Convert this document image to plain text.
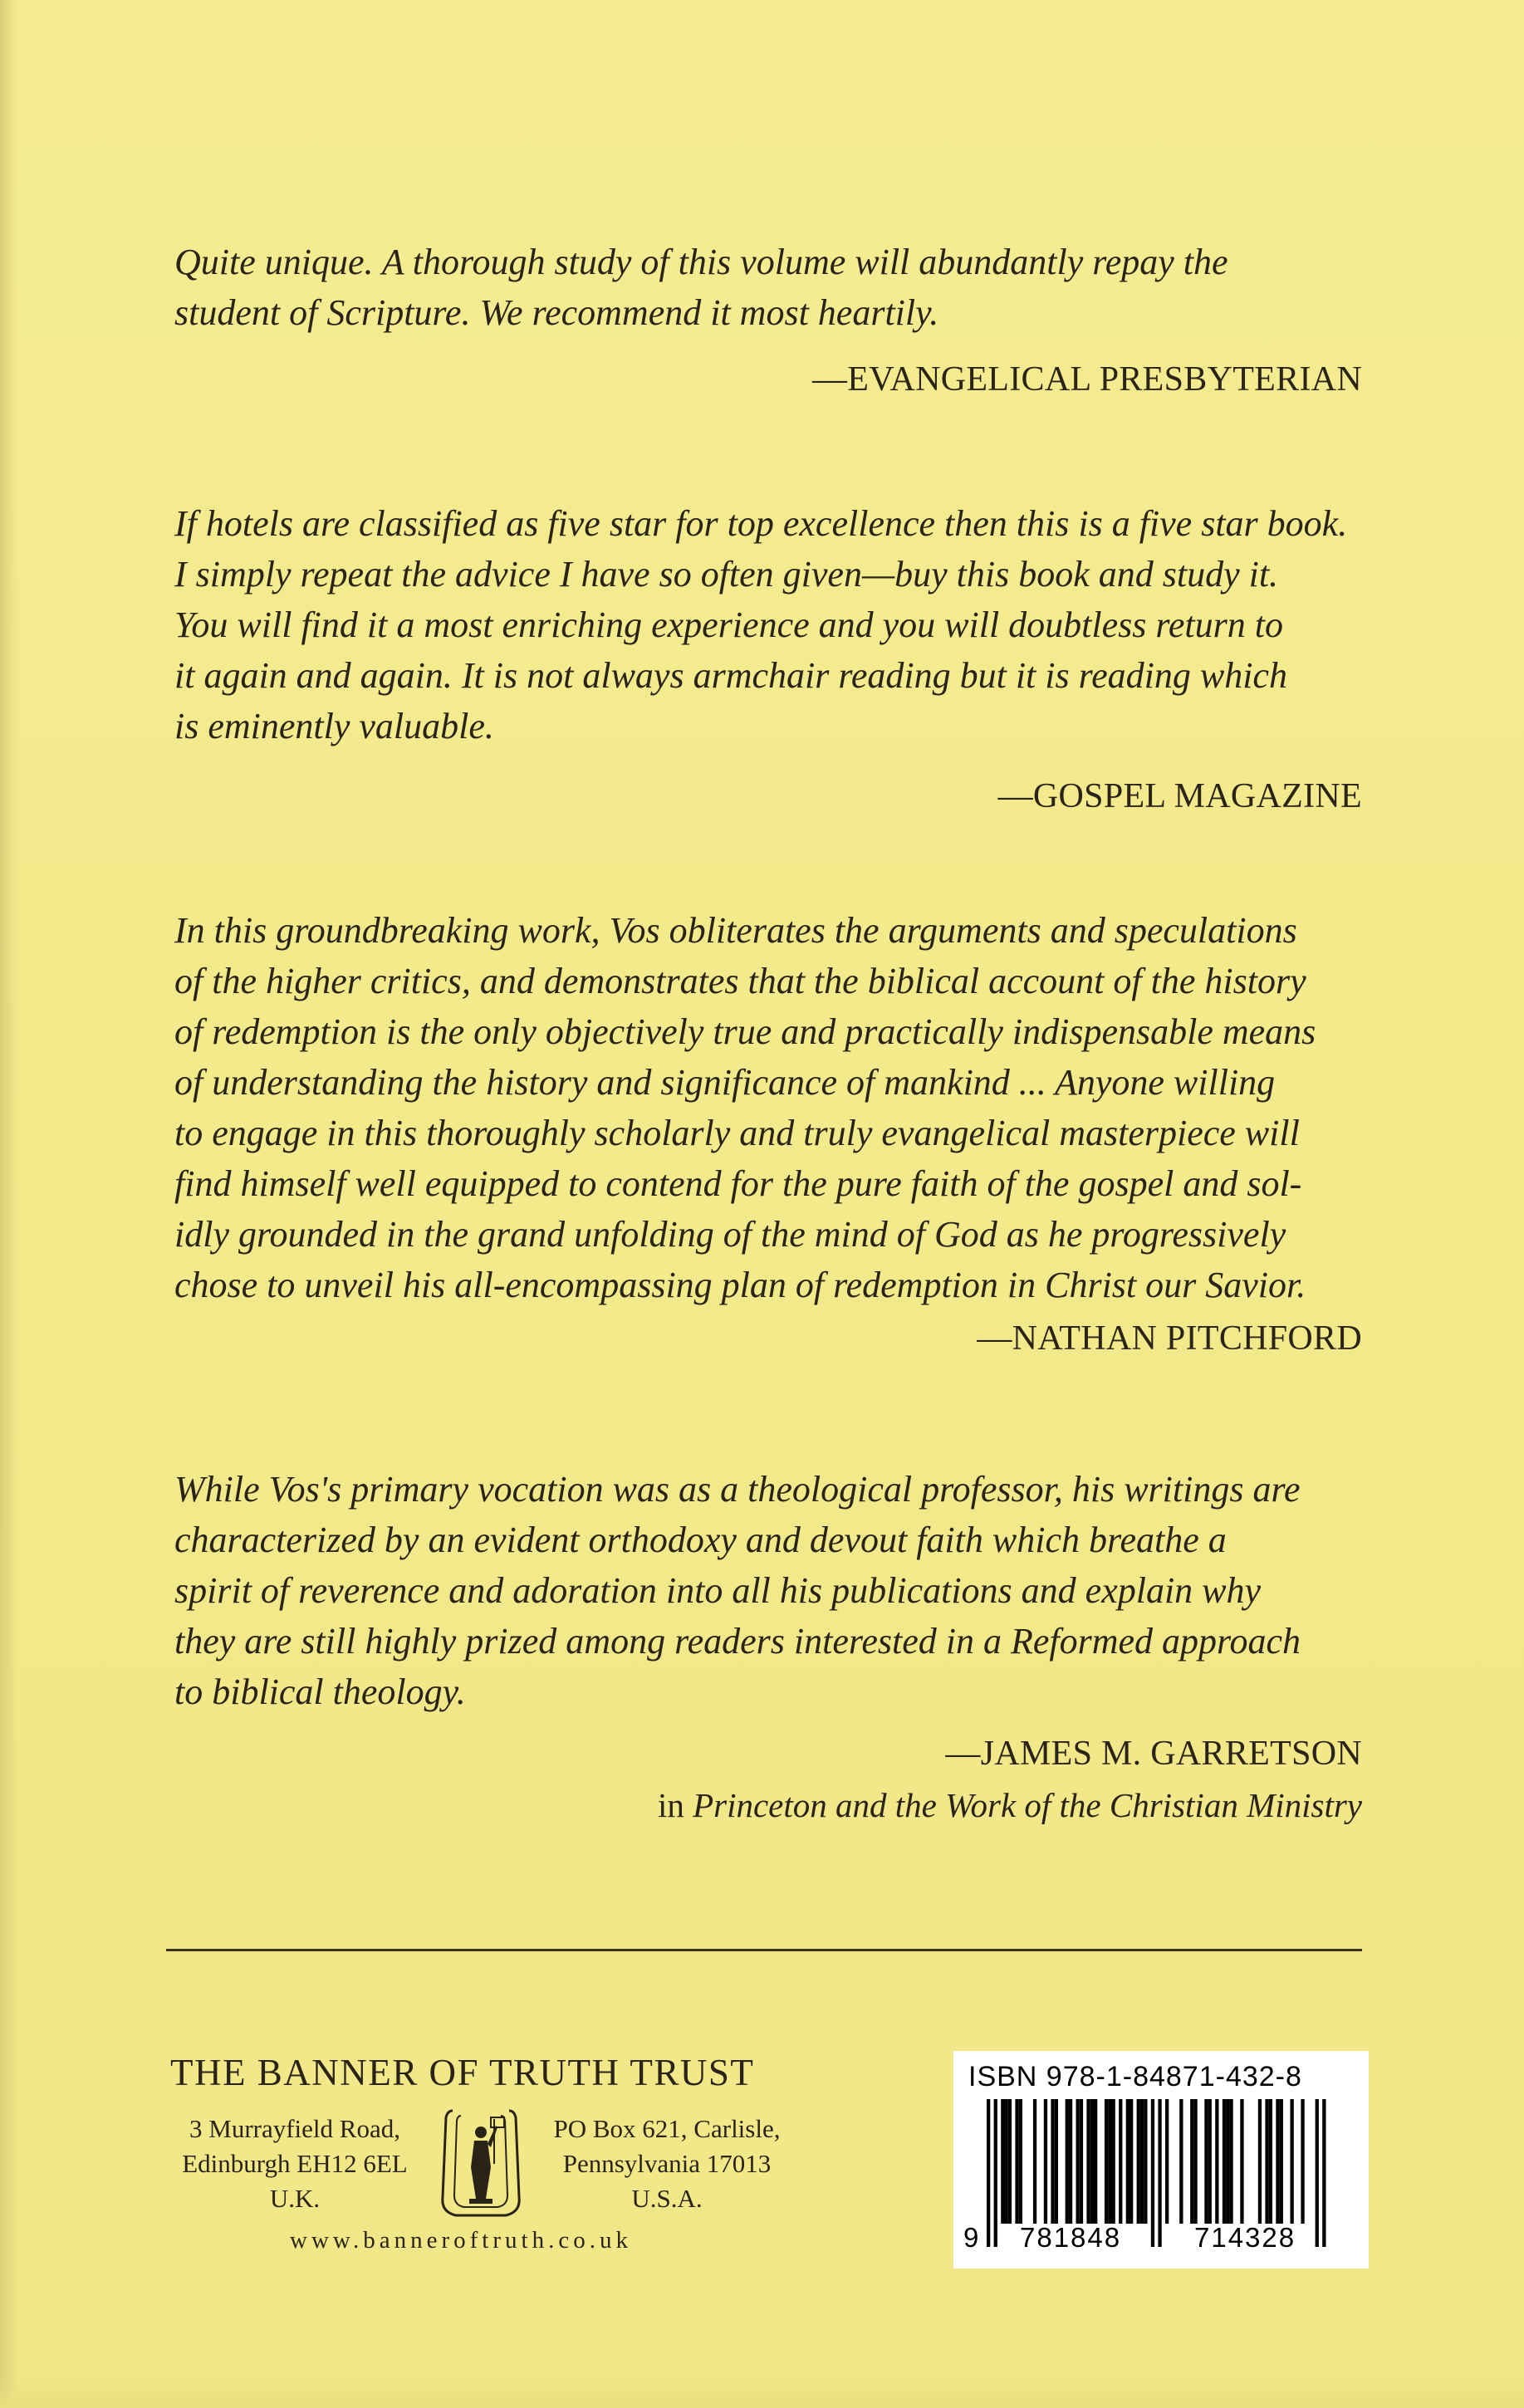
Quite unique. A thorough study of this volume will abundantly repay the
student of Scripture. We recommend it most heartily.

—EVANGELICAL PRESBYTERIAN

If hotels are classified as five star for top excellence then this is a five star book.
I simply repeat the advice I have so often given—buy this book and study it.
You will find it a most enriching experience and you will doubtless return to
it again and again. It is not always armchair reading but it is reading which
is eminently valuable.

—GOSPEL MAGAZINE

In this groundbreaking work, Vos obliterates the arguments and speculations
of the higher critics, and demonstrates that the biblical account of the history
of redemption is the only objectively true and practically indispensable means
of understanding the history and significance of mankind ... Anyone willing
to engage in this thoroughly scholarly and truly evangelical masterpiece will
find himself well equipped to contend for the pure faith of the gospel and sol-
idly grounded in the grand unfolding of the mind of God as he progressively
chose to unveil his all-encompassing plan of redemption in Christ our Savior.

—NATHAN PITCHFORD

While Vos's primary vocation was as a theological professor, his writings are
characterized by an evident orthodoxy and devout faith which breathe a
spirit of reverence and adoration into all his publications and explain why
they are still highly prized among readers interested in a Reformed approach
to biblical theology.

—JAMES M. GARRETSON

in Princeton and the Work of the Christian Ministry

THE BANNER OF TRUTH TRUST

3 Murrayfield Road,
Edinburgh EH12 6EL
U.K.
PO Box 621, Carlisle,
Pennsylvania 17013
U.S.A.
www.banneroftruth.co.uk
ISBN 978-1-84871-432-8
9 781848	714328
